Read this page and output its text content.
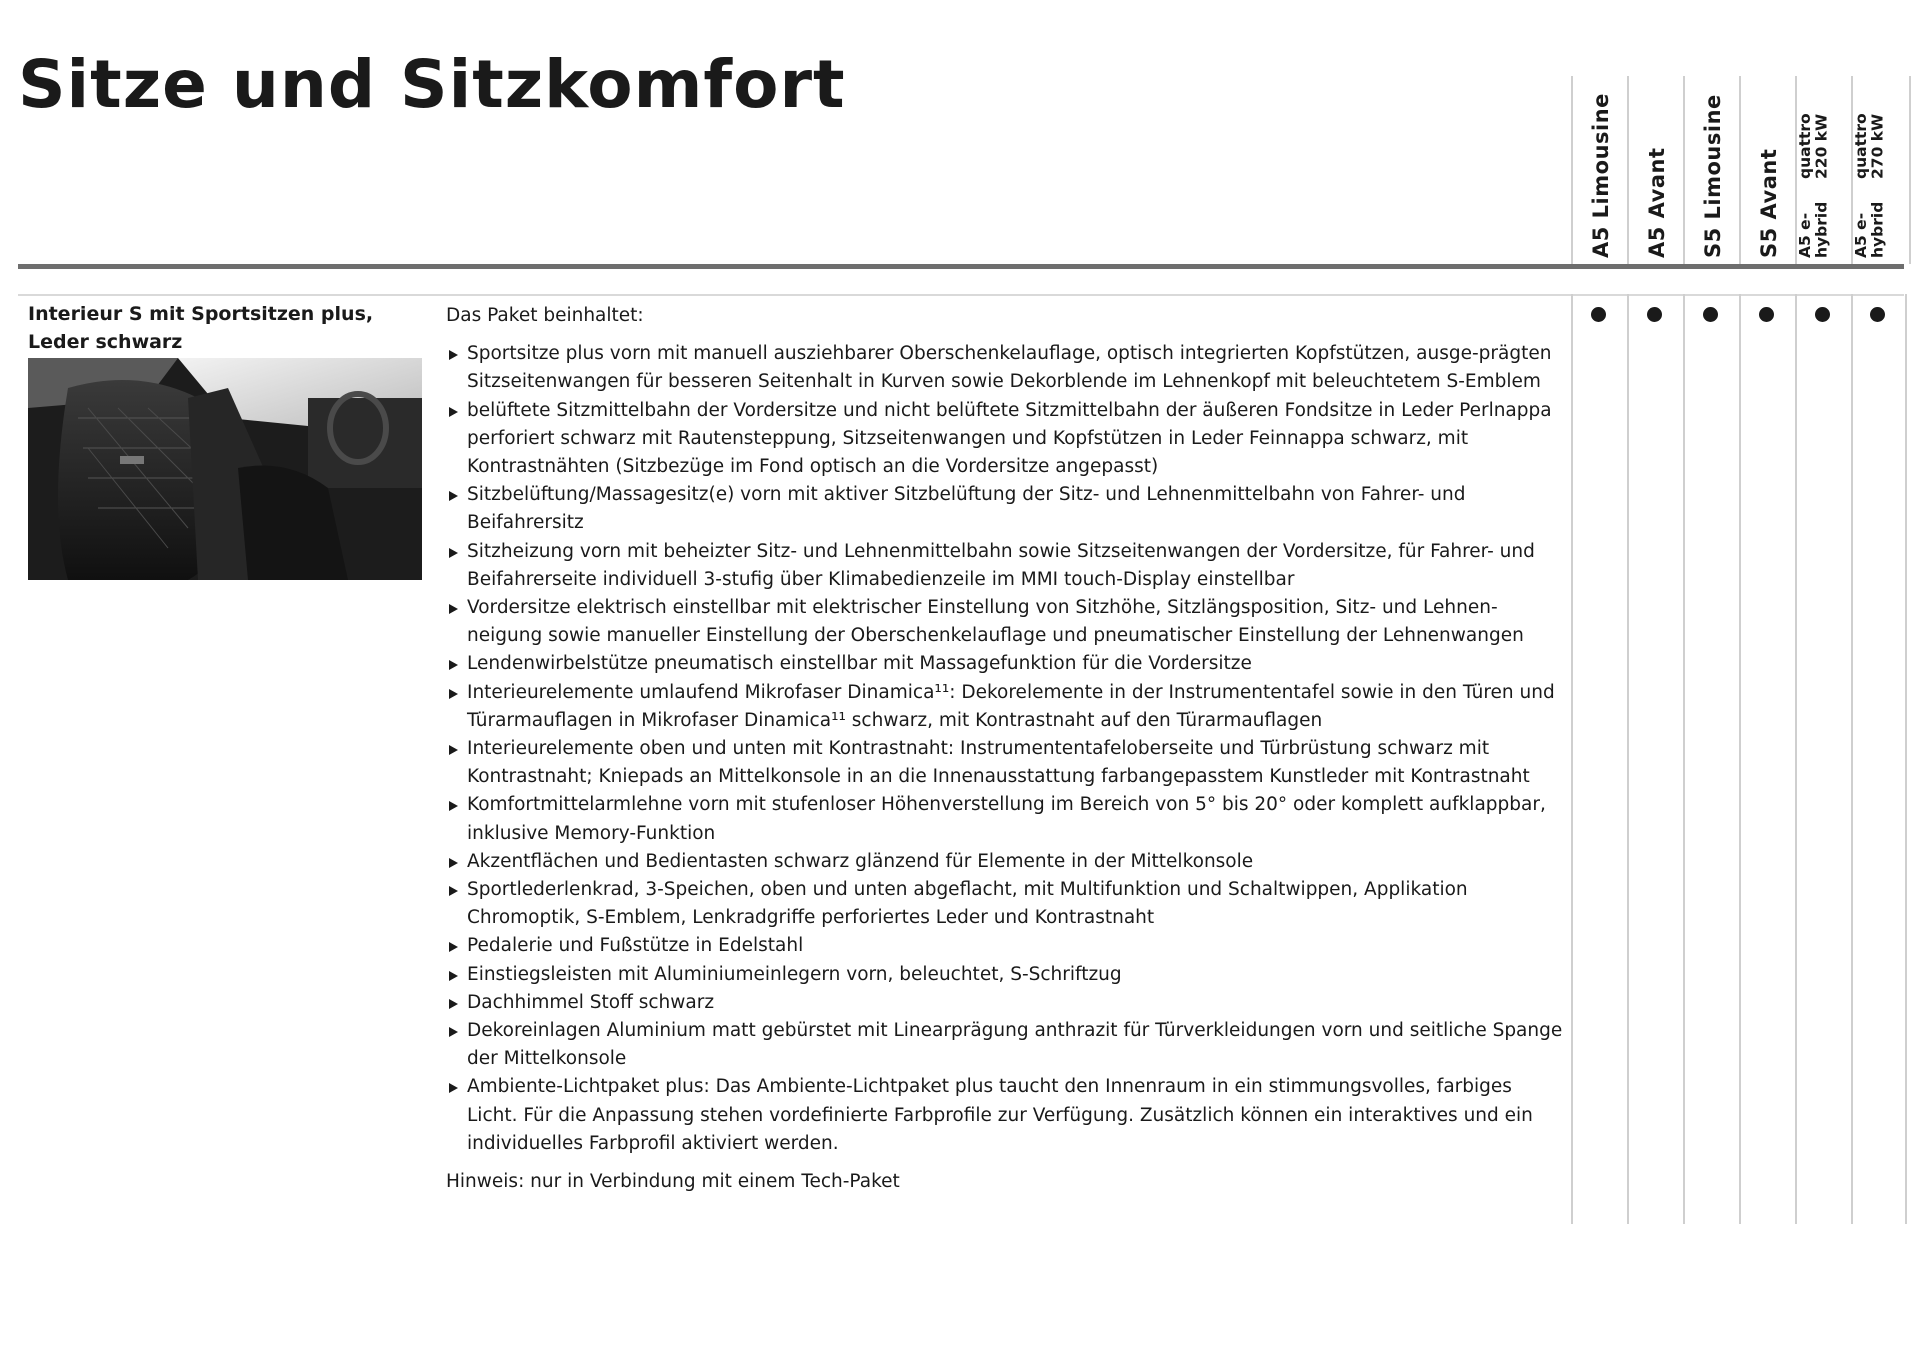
Sitze und Sitzkomfort
A5 Limousine A5 Avant S5 Limousine S5 Avant A5 e-hybrid
quattro 220 kW
A5 e-hybrid
quattro 270 kW
Interieur S mit Sportsitzen plus, Leder schwarz

Das Paket beinhaltet:

Sportsitze plus vorn mit manuell ausziehbarer Oberschenkelauflage, optisch integrierten Kopfstützen, ausge-prägten Sitzseitenwangen für besseren Seitenhalt in Kurven sowie Dekorblende im Lehnenkopf mit beleuchtetem S-Emblem
belüftete Sitzmittelbahn der Vordersitze und nicht belüftete Sitzmittelbahn der äußeren Fondsitze in Leder Perlnappa perforiert schwarz mit Rautensteppung, Sitzseitenwangen und Kopfstützen in Leder Feinnappa schwarz, mit Kontrastnähten (Sitzbezüge im Fond optisch an die Vordersitze angepasst)
Sitzbelüftung/Massagesitz(e) vorn mit aktiver Sitzbelüftung der Sitz- und Lehnenmittelbahn von Fahrer- und Beifahrersitz
Sitzheizung vorn mit beheizter Sitz- und Lehnenmittelbahn sowie Sitzseitenwangen der Vordersitze, für Fahrer- und Beifahrerseite individuell 3-stufig über Klimabedienzeile im MMI touch-Display einstellbar
Vordersitze elektrisch einstellbar mit elektrischer Einstellung von Sitzhöhe, Sitzlängsposition, Sitz- und Lehnen-neigung sowie manueller Einstellung der Oberschenkelauflage und pneumatischer Einstellung der Lehnenwangen
Lendenwirbelstütze pneumatisch einstellbar mit Massagefunktion für die Vordersitze
Interieurelemente umlaufend Mikrofaser Dinamica¹¹: Dekorelemente in der Instrumententafel sowie in den Türen und Türarmauflagen in Mikrofaser Dinamica¹¹ schwarz, mit Kontrastnaht auf den Türarmauflagen
Interieurelemente oben und unten mit Kontrastnaht: Instrumententafeloberseite und Türbrüstung schwarz mit Kontrastnaht; Kniepads an Mittelkonsole in an die Innenausstattung farbangepasstem Kunstleder mit Kontrastnaht
Komfortmittelarmlehne vorn mit stufenloser Höhenverstellung im Bereich von 5° bis 20° oder komplett aufklappbar, inklusive Memory-Funktion
Akzentflächen und Bedientasten schwarz glänzend für Elemente in der Mittelkonsole
Sportlederlenkrad, 3-Speichen, oben und unten abgeflacht, mit Multifunktion und Schaltwippen, Applikation Chromoptik, S-Emblem, Lenkradgriffe perforiertes Leder und Kontrastnaht
Pedalerie und Fußstütze in Edelstahl
Einstiegsleisten mit Aluminiumeinlegern vorn, beleuchtet, S-Schriftzug
Dachhimmel Stoff schwarz
Dekoreinlagen Aluminium matt gebürstet mit Linearprägung anthrazit für Türverkleidungen vorn und seitliche Spange der Mittelkonsole
Ambiente-Lichtpaket plus: Das Ambiente-Lichtpaket plus taucht den Innenraum in ein stimmungsvolles, farbiges Licht. Für die Anpassung stehen vordefinierte Farbprofile zur Verfügung. Zusätzlich können ein interaktives und ein individuelles Farbprofil aktiviert werden.

Hinweis: nur in Verbindung mit einem Tech-Paket
